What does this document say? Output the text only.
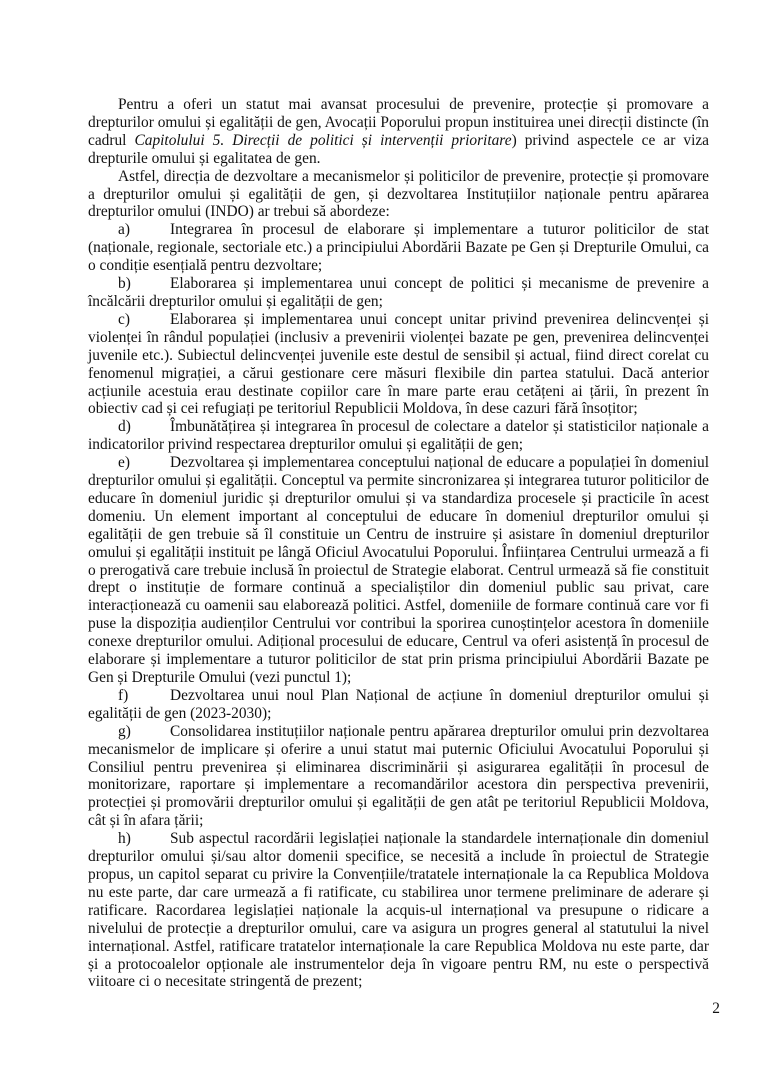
Pentru a oferi un statut mai avansat procesului de prevenire, protecție și promovare a drepturilor omului și egalității de gen, Avocații Poporului propun instituirea unei direcții distincte (în cadrul Capitolului 5. Direcții de politici și intervenții prioritare) privind aspectele ce ar viza drepturile omului și egalitatea de gen.

Astfel, direcția de dezvoltare a mecanismelor și politicilor de prevenire, protecție și promovare a drepturilor omului și egalității de gen, și dezvoltarea Instituțiilor naționale pentru apărarea drepturilor omului (INDO) ar trebui să abordeze:

a)	Integrarea în procesul de elaborare și implementare a tuturor politicilor de stat (naționale, regionale, sectoriale etc.) a principiului Abordării Bazate pe Gen și Drepturile Omului, ca o condiție esențială pentru dezvoltare;

b)	Elaborarea și implementarea unui concept de politici și mecanisme de prevenire a încălcării drepturilor omului și egalității de gen;

c)	Elaborarea și implementarea unui concept unitar privind prevenirea delincvenței și violenței în rândul populației (inclusiv a prevenirii violenței bazate pe gen, prevenirea delincvenței juvenile etc.). Subiectul delincvenței juvenile este destul de sensibil și actual, fiind direct corelat cu fenomenul migrației, a cărui gestionare cere măsuri flexibile din partea statului. Dacă anterior acțiunile acestuia erau destinate copiilor care în mare parte erau cetățeni ai țării, în prezent în obiectiv cad și cei refugiați pe teritoriul Republicii Moldova, în dese cazuri fără însoțitor;

d)	Îmbunătățirea și integrarea în procesul de colectare a datelor și statisticilor naționale a indicatorilor privind respectarea drepturilor omului și egalității de gen;

e)	Dezvoltarea și implementarea conceptului național de educare a populației în domeniul drepturilor omului și egalității. Conceptul va permite sincronizarea și integrarea tuturor politicilor de educare în domeniul juridic și drepturilor omului și va standardiza procesele și practicile în acest domeniu. Un element important al conceptului de educare în domeniul drepturilor omului și egalității de gen trebuie să îl constituie un Centru de instruire și asistare în domeniul drepturilor omului și egalității instituit pe lângă Oficiul Avocatului Poporului. Înființarea Centrului urmează a fi o prerogativă care trebuie inclusă în proiectul de Strategie elaborat. Centrul urmează să fie constituit drept o instituție de formare continuă a specialiștilor din domeniul public sau privat, care interacționează cu oamenii sau elaborează politici. Astfel, domeniile de formare continuă care vor fi puse la dispoziția audienților Centrului vor contribui la sporirea cunoștințelor acestora în domeniile conexe drepturilor omului. Adițional procesului de educare, Centrul va oferi asistență în procesul de elaborare și implementare a tuturor politicilor de stat prin prisma principiului Abordării Bazate pe Gen și Drepturile Omului (vezi punctul 1);

f)	Dezvoltarea unui noul Plan Național de acțiune în domeniul drepturilor omului și egalității de gen (2023-2030);

g)	Consolidarea instituțiilor naționale pentru apărarea drepturilor omului prin dezvoltarea mecanismelor de implicare și oferire a unui statut mai puternic Oficiului Avocatului Poporului și Consiliul pentru prevenirea și eliminarea discriminării și asigurarea egalității în procesul de monitorizare, raportare și implementare a recomandărilor acestora din perspectiva prevenirii, protecției și promovării drepturilor omului și egalității de gen atât pe teritoriul Republicii Moldova, cât și în afara țării;

h)	Sub aspectul racordării legislației naționale la standardele internaționale din domeniul drepturilor omului și/sau altor domenii specifice, se necesită a include în proiectul de Strategie propus, un capitol separat cu privire la Convențiile/tratatele internaționale la ca Republica Moldova nu este parte, dar care urmează a fi ratificate, cu stabilirea unor termene preliminare de aderare și ratificare. Racordarea legislației naționale la acquis-ul internațional va presupune o ridicare a nivelului de protecție a drepturilor omului, care va asigura un progres general al statutului la nivel internațional. Astfel, ratificare tratatelor internaționale la care Republica Moldova nu este parte, dar și a protocoalelor opționale ale instrumentelor deja în vigoare pentru RM, nu este o perspectivă viitoare ci o necesitate stringentă de prezent;

2
